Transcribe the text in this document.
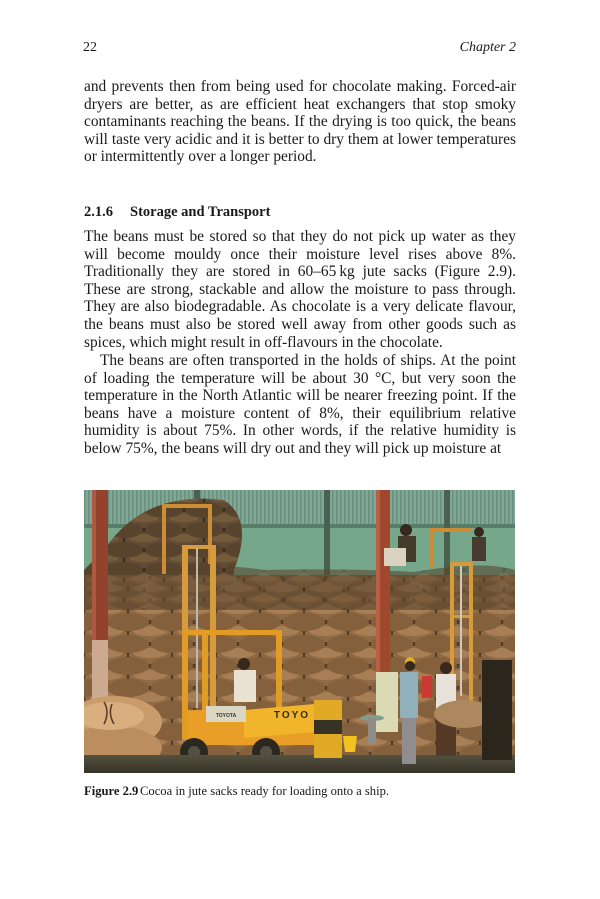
22	Chapter 2

and prevents then from being used for chocolate making. Forced-air dryers are better, as are efficient heat exchangers that stop smoky contaminants reaching the beans. If the drying is too quick, the beans will taste very acidic and it is better to dry them at lower temperatures or intermittently over a longer period.

2.1.6 Storage and Transport

The beans must be stored so that they do not pick up water as they will become mouldy once their moisture level rises above 8%. Traditionally they are stored in 60–65 kg jute sacks (Figure 2.9). These are strong, stackable and allow the moisture to pass through. They are also biodegradable. As chocolate is a very delicate flavour, the beans must also be stored well away from other goods such as spices, which might result in off-flavours in the chocolate.

The beans are often transported in the holds of ships. At the point of loading the temperature will be about 30 °C, but very soon the temperature in the North Atlantic will be nearer freezing point. If the beans have a moisture content of 8%, their equilibrium relative humidity is about 75%. In other words, if the relative humidity is below 75%, the beans will dry out and they will pick up moisture at

TOYOTA	TOYO
Figure 2.9 Cocoa in jute sacks ready for loading onto a ship.
